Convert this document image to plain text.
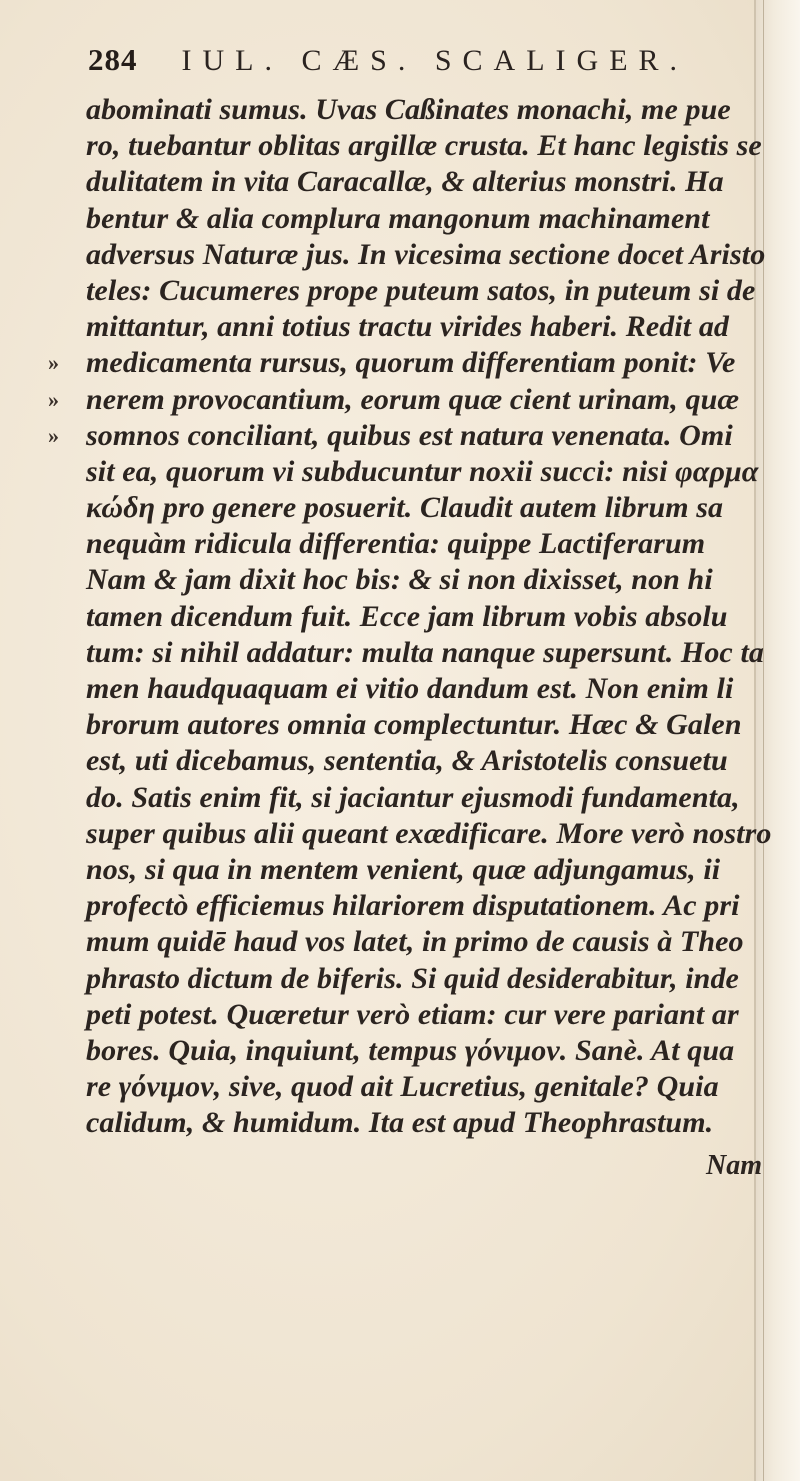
284 IUL. CÆS. SCALIGER.
abominati sumus. Uvas Caßinates monachi, me pue
ro, tuebantur oblitas argillæ crusta. Et hanc legistis se
dulitatem in vita Caracallæ, & alterius monstri. Ha
bentur & alia complura mangonum machinament
adversus Naturæ jus. In vicesima sectione docet Aristo
teles: Cucumeres prope puteum satos, in puteum si de
mittantur, anni totius tractu virides haberi. Redit ad
» medicamenta rursus, quorum differentiam ponit: Ve
» nerem provocantium, eorum quæ cient urinam, quæ
» somnos conciliant, quibus est natura venenata. Omi
sit ea, quorum vi subducuntur noxii succi: nisi φαρμα
κώδη pro genere posuerit. Claudit autem librum sa
nequàm ridicula differentia: quippe Lactiferarum
Nam & jam dixit hoc bis: & si non dixisset, non hi
tamen dicendum fuit. Ecce jam librum vobis absolu
tum: si nihil addatur: multa nanque supersunt. Hoc ta
men haudquaquam ei vitio dandum est. Non enim li
brorum autores omnia complectuntur. Hæc & Galen
est, uti dicebamus, sententia, & Aristotelis consuetu
do. Satis enim fit, si jaciantur ejusmodi fundamenta,
super quibus alii queant exædificare. More verò nostro
nos, si qua in mentem venient, quæ adjungamus, ii
profectò efficiemus hilariorem disputationem. Ac pri
mum quidē haud vos latet, in primo de causis à Theo
phrasto dictum de biferis. Si quid desiderabitur, inde
peti potest. Quæretur verò etiam: cur vere pariant ar
bores. Quia, inquiunt, tempus γόνιμον. Sanè. At qua
re γόνιμον, sive, quod ait Lucretius, genitale? Quia
calidum, & humidum. Ita est apud Theophrastum.
Nam
